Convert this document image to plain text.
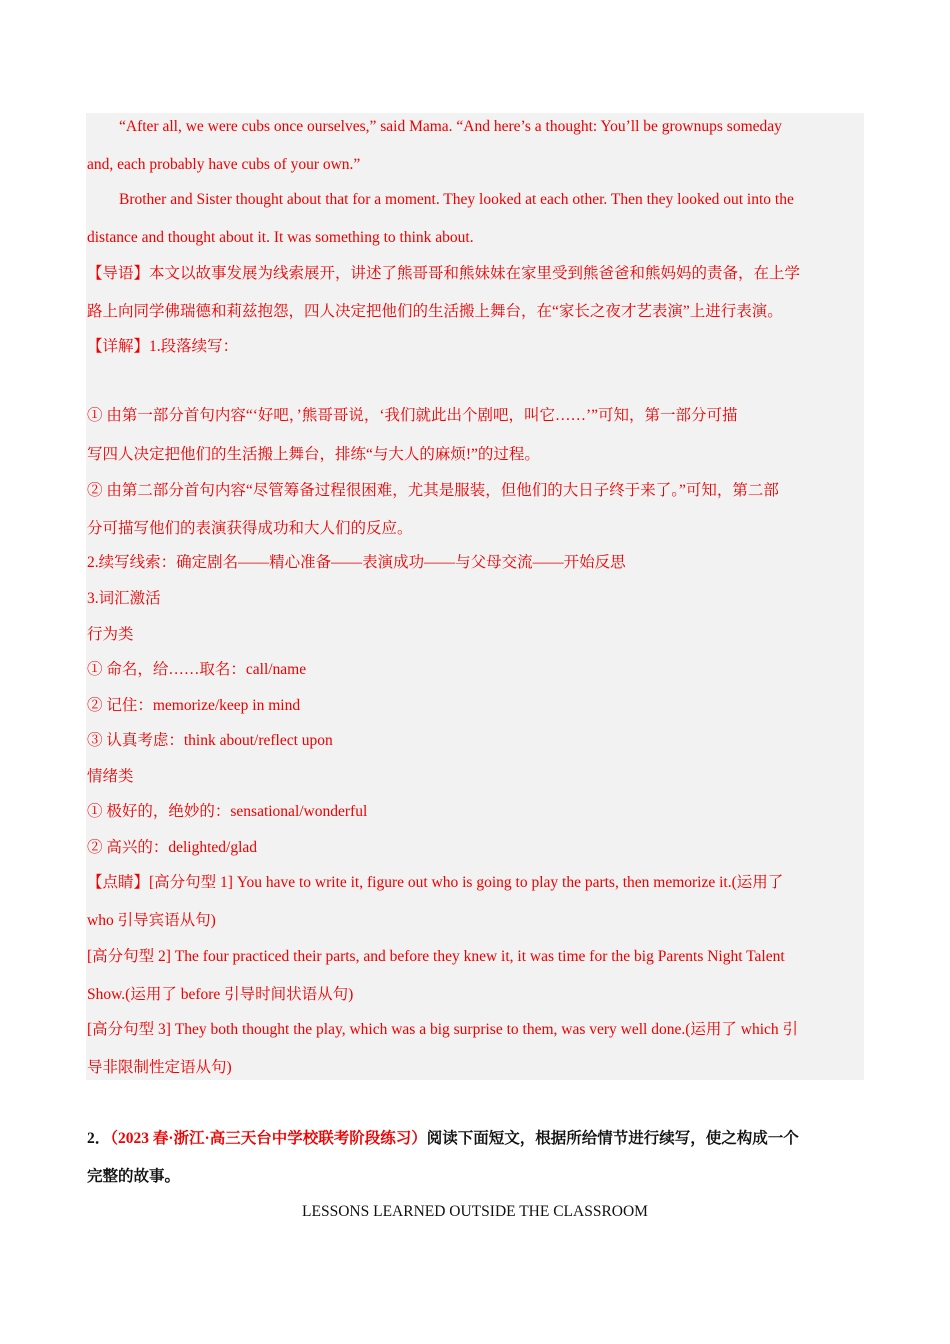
“After all, we were cubs once ourselves,” said Mama. “And here’s a thought: You’ll be grownups someday
and, each probably have cubs of your own.”
Brother and Sister thought about that for a moment. They looked at each other. Then they looked out into the
distance and thought about it. It was something to think about.
【导语】本文以故事发展为线索展开，讲述了熊哥哥和熊妹妹在家里受到熊爸爸和熊妈妈的责备，在上学
路上向同学佛瑞德和莉兹抱怨，四人决定把他们的生活搬上舞台，在“家长之夜才艺表演”上进行表演。
【详解】1.段落续写：
① 由第一部分首句内容“‘好吧，’熊哥哥说，‘我们就此出个剧吧，叫它……’”可知，第一部分可描
写四人决定把他们的生活搬上舞台，排练“与大人的麻烦!”的过程。
② 由第二部分首句内容“尽管筹备过程很困难，尤其是服装，但他们的大日子终于来了。”可知，第二部
分可描写他们的表演获得成功和大人们的反应。
2.续写线索：确定剧名——精心准备——表演成功——与父母交流——开始反思
3.词汇激活
行为类
① 命名，给……取名：call/name
② 记住：memorize/keep in mind
③ 认真考虑：think about/reflect upon
情绪类
① 极好的，绝妙的：sensational/wonderful
② 高兴的：delighted/glad
【点睛】[高分句型 1] You have to write it, figure out who is going to play the parts, then memorize it.(运用了
who 引导宾语从句)
[高分句型 2] The four practiced their parts, and before they knew it, it was time for the big Parents Night Talent
Show.(运用了 before 引导时间状语从句)
[高分句型 3] They both thought the play, which was a big surprise to them, was very well done.(运用了 which 引
导非限制性定语从句)
2．（2023 春·浙江·高三天台中学校联考阶段练习）阅读下面短文，根据所给情节进行续写，使之构成一个
完整的故事。
LESSONS LEARNED OUTSIDE THE CLASSROOM
